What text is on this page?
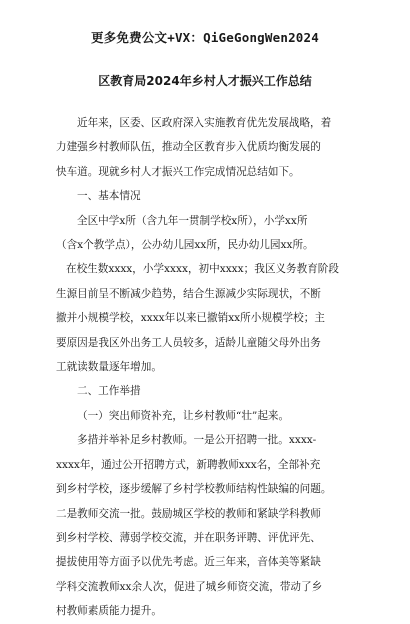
更多免费公文+VX：QiGeGongWen2024
区教育局2024年乡村人才振兴工作总结

近年来，区委、区政府深入实施教育优先发展战略，着
力建强乡村教师队伍，推动全区教育步入优质均衡发展的
快车道。现就乡村人才振兴工作完成情况总结如下。

一、基本情况

全区中学x所（含九年一贯制学校x所），小学xx所
（含x个教学点），公办幼儿园xx所，民办幼儿园xx所。
在校生数xxxx，小学xxxx，初中xxxx；我区义务教育阶段
生源目前呈不断减少趋势，结合生源减少实际现状，不断
撤并小规模学校，xxxx年以来已撤销xx所小规模学校；主
要原因是我区外出务工人员较多，适龄儿童随父母外出务
工就读数量逐年增加。

二、工作举措

（一）突出师资补充，让乡村教师“壮”起来。

多措并举补足乡村教师。一是公开招聘一批。xxxx-
xxxx年，通过公开招聘方式，新聘教师xxx名，全部补充
到乡村学校，逐步缓解了乡村学校教师结构性缺编的问题。
二是教师交流一批。鼓励城区学校的教师和紧缺学科教师
到乡村学校、薄弱学校交流，并在职务评聘、评优评先、
提拔使用等方面予以优先考虑。近三年来，音体美等紧缺
学科交流教师xx余人次，促进了城乡师资交流，带动了乡
村教师素质能力提升。
